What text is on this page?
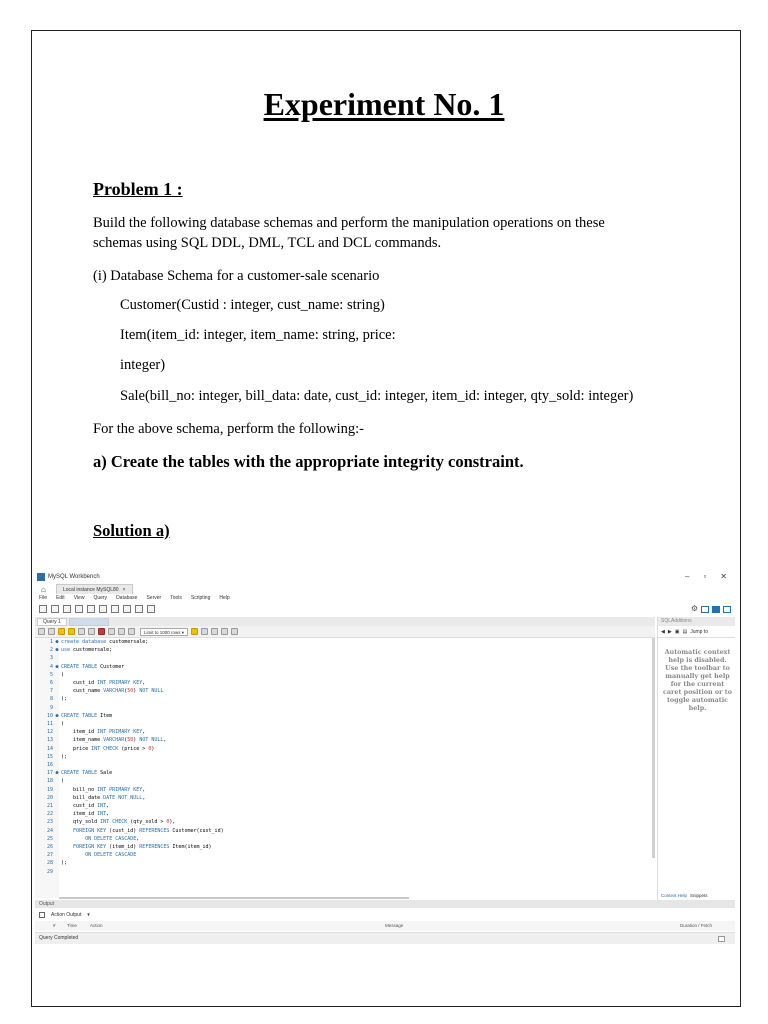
Experiment No. 1
Problem 1 :
Build the following database schemas and perform the manipulation operations on these
schemas using SQL DDL, DML, TCL and DCL commands.
(i) Database Schema for a customer-sale scenario
Customer(Custid : integer, cust_name: string)
Item(item_id: integer, item_name: string, price:
integer)
Sale(bill_no: integer, bill_data: date, cust_id: integer, item_id: integer, qty_sold: integer)
For the above schema, perform the following:-
a) Create the tables with the appropriate integrity constraint.
Solution a)
MySQL Workbench	– ▫ ✕
⌂	Local instance MySQL80 ×
File Edit View Query Database Server Tools Scripting Help
⚙
Query 1	████████
Limit to 1000 rows ▾
1 ● create database customersale;
2 ● use customersale;
3
4 ● CREATE TABLE Customer
5 (
6    cust_id INT PRIMARY KEY,
7    cust_name VARCHAR(50) NOT NULL
8 );
9
10 ● CREATE TABLE Item
11 (
12    item_id INT PRIMARY KEY,
13    item_name VARCHAR(50) NOT NULL,
14    price INT CHECK (price > 0)
15 );
16
17 ● CREATE TABLE Sale
18 (
19    bill_no INT PRIMARY KEY,
20    bill_date DATE NOT NULL,
21    cust_id INT,
22    item_id INT,
23    qty_sold INT CHECK (qty_sold > 0),
24	FOREIGN KEY (cust_id) REFERENCES Customer(cust_id)
25	ON DELETE CASCADE,
26	FOREIGN KEY (item_id) REFERENCES Item(item_id)
27	ON DELETE CASCADE
28 );
29
SQLAdditions
◀ ▶ ▣ ▤ Jump to
Automatic context help is disabled. Use the toolbar to manually get help for the current caret position or to toggle automatic help.
Context Help Snippets
Output
Action Output ▾
#	Time	Action	Message	Duration / Fetch
Query Completed
